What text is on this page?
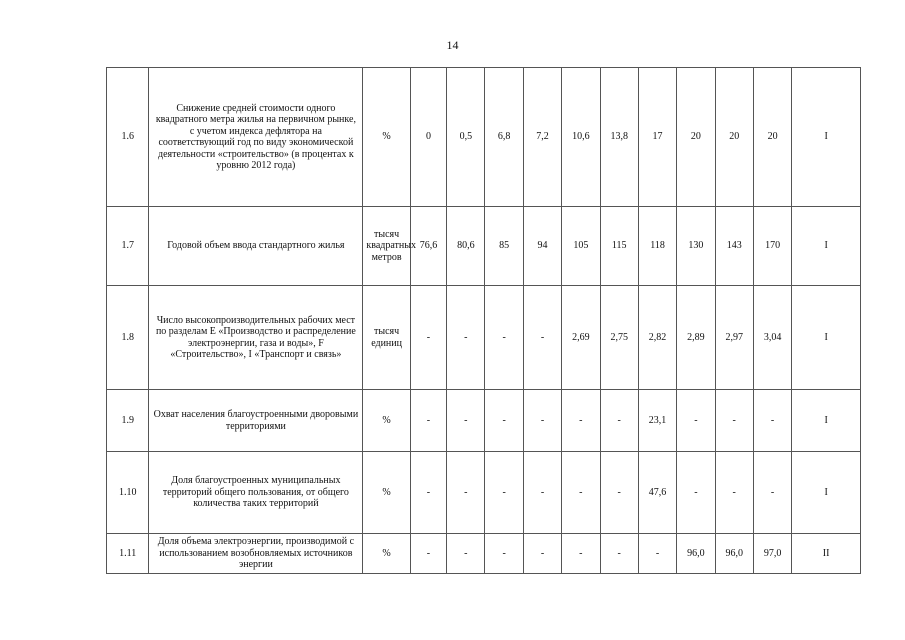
14
1.6	Снижение средней стоимости одного квадратного метра жилья на первичном рынке, с учетом индекса дефлятора на соответствующий год по виду экономической деятельности «строительство» (в процентах к уровню 2012 года)	%	0	0,5	6,8	7,2	10,6	13,8	17	20	20	20	I
1.7	Годовой объем ввода стандартного жилья	тысяч квадратных метров	76,6	80,6	85	94	105	115	118	130	143	170	I
1.8	Число высокопроизводительных рабочих мест по разделам Е «Производство и распределение электроэнергии, газа и воды», F «Строительство», I «Транспорт и связь»	тысяч единиц	-	-	-	-	2,69	2,75	2,82	2,89	2,97	3,04	I
1.9	Охват населения благоустроенными дворовыми территориями	%	-	-	-	-	-	-	23,1	-	-	-	I
1.10	Доля благоустроенных муниципальных территорий общего пользования, от общего количества таких территорий	%	-	-	-	-	-	-	47,6	-	-	-	I
1.11	Доля объема электроэнергии, производимой с использованием возобновляемых источников энергии	%	-	-	-	-	-	-	-	96,0	96,0	97,0	II
